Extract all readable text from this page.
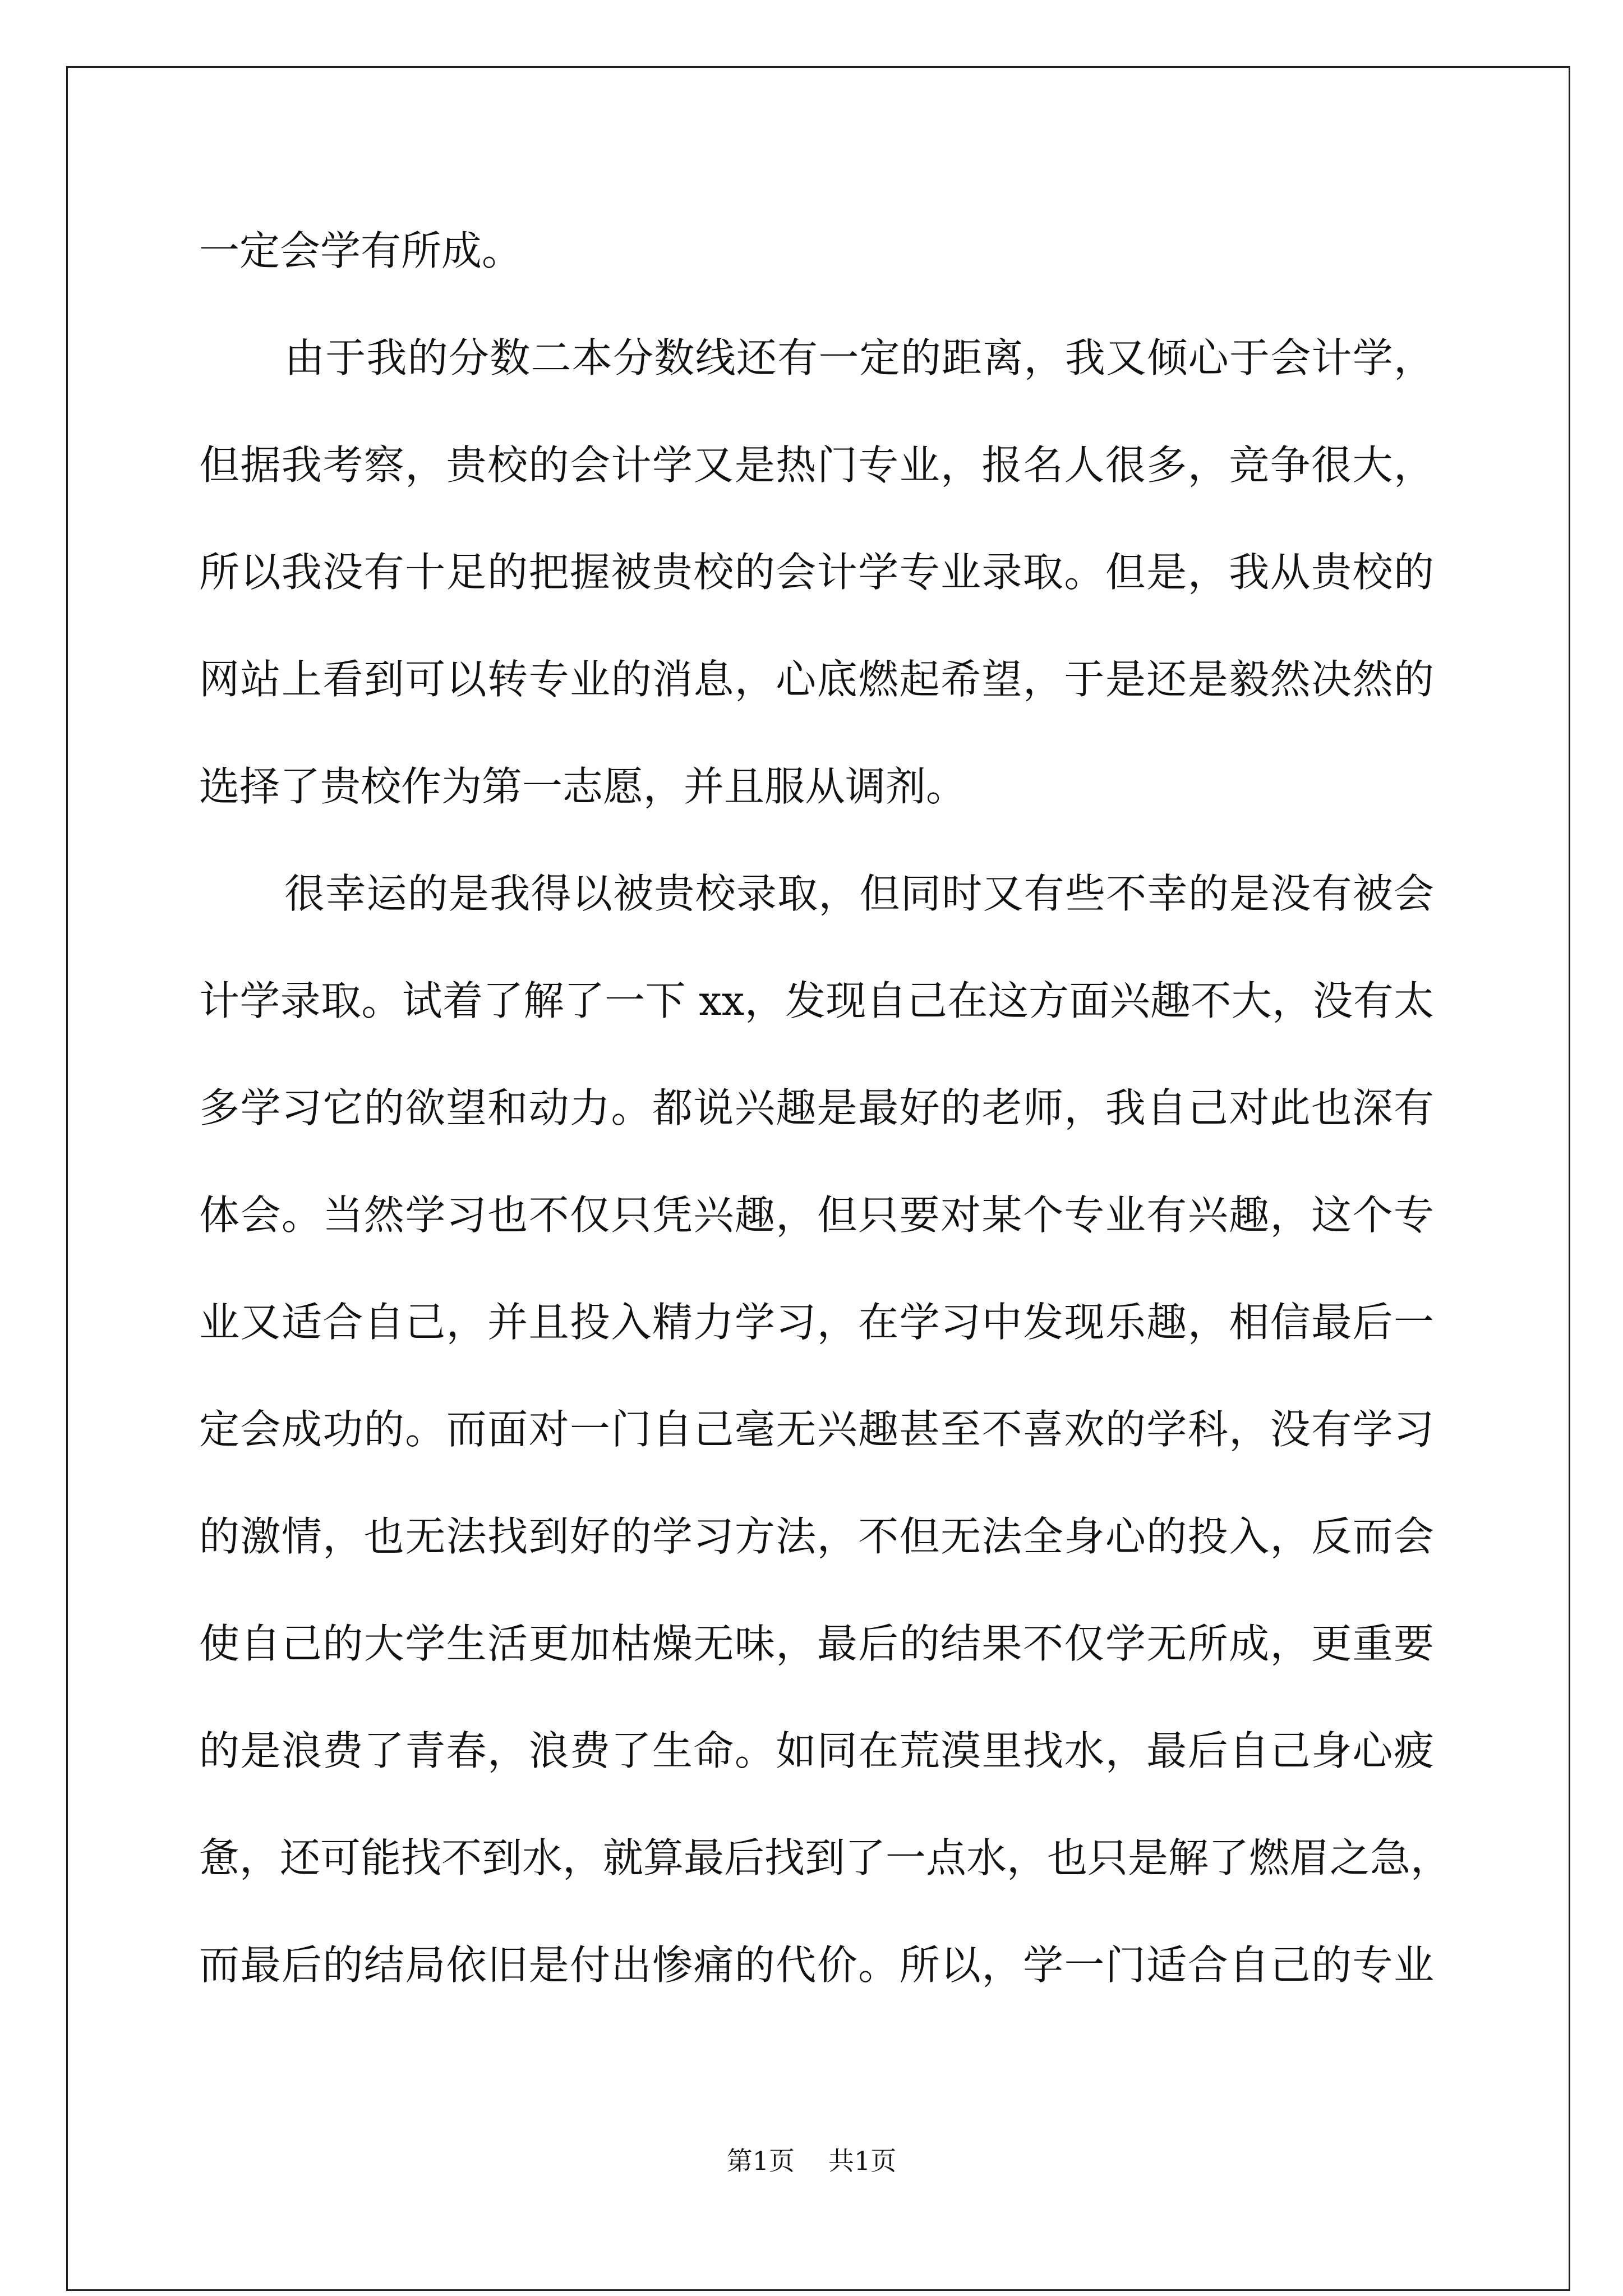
一定会学有所成。
由于我的分数二本分数线还有一定的距离，我又倾心于会计学，
但据我考察，贵校的会计学又是热门专业，报名人很多，竞争很大，
所以我没有十足的把握被贵校的会计学专业录取。但是，我从贵校的
网站上看到可以转专业的消息，心底燃起希望，于是还是毅然决然的
选择了贵校作为第一志愿，并且服从调剂。
很幸运的是我得以被贵校录取，但同时又有些不幸的是没有被会
计学录取。试着了解了一下 xx，发现自己在这方面兴趣不大，没有太
多学习它的欲望和动力。都说兴趣是最好的老师，我自己对此也深有
体会。当然学习也不仅只凭兴趣，但只要对某个专业有兴趣，这个专
业又适合自己，并且投入精力学习，在学习中发现乐趣，相信最后一
定会成功的。而面对一门自己毫无兴趣甚至不喜欢的学科，没有学习
的激情，也无法找到好的学习方法，不但无法全身心的投入，反而会
使自己的大学生活更加枯燥无味，最后的结果不仅学无所成，更重要
的是浪费了青春，浪费了生命。如同在荒漠里找水，最后自己身心疲
惫，还可能找不到水，就算最后找到了一点水，也只是解了燃眉之急，
而最后的结局依旧是付出惨痛的代价。所以，学一门适合自己的专业
第1页 共1页
